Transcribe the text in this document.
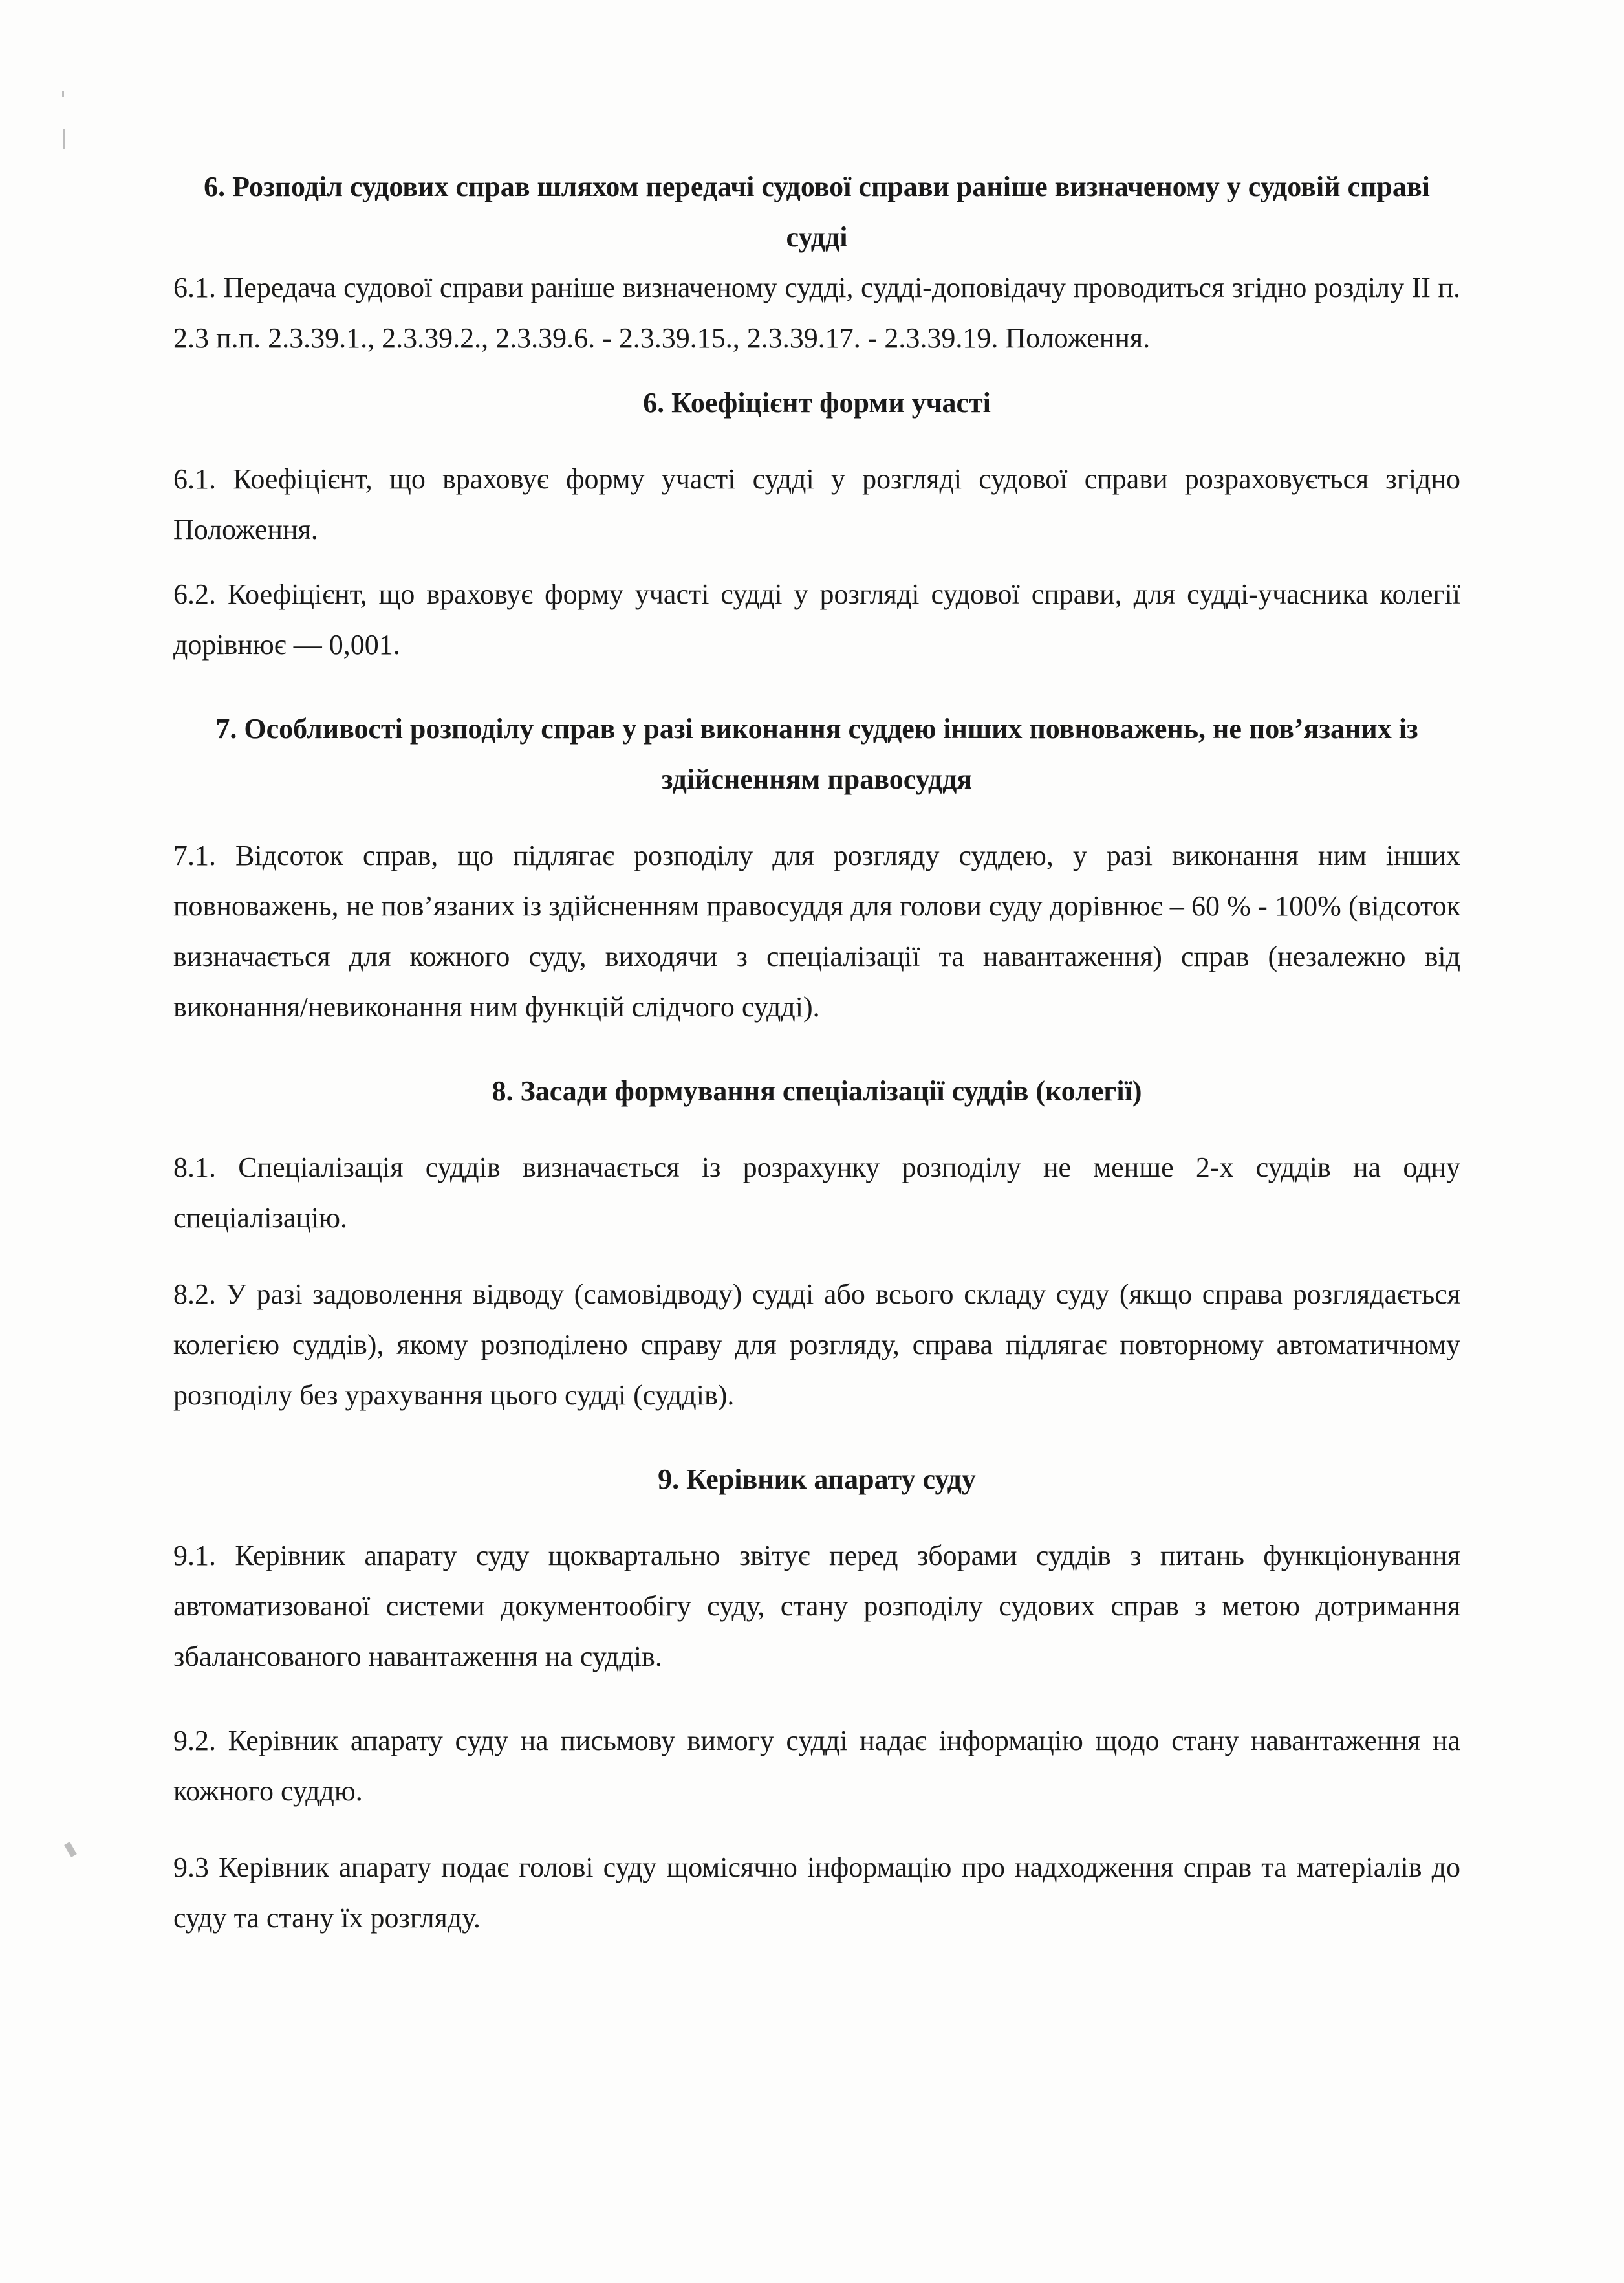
6. Розподіл судових справ шляхом передачі судової справи раніше визначеному у судовій справі судді

6.1. Передача судової справи раніше визначеному судді, судді-доповідачу проводиться згідно розділу ІІ п. 2.3 п.п. 2.3.39.1., 2.3.39.2., 2.3.39.6. - 2.3.39.15., 2.3.39.17. - 2.3.39.19. Положення.

6. Коефіцієнт форми участі

6.1. Коефіцієнт, що враховує форму участі судді у розгляді судової справи розраховується згідно Положення.

6.2. Коефіцієнт, що враховує форму участі судді у розгляді судової справи, для судді-учасника колегії дорівнює — 0,001.

7. Особливості розподілу справ у разі виконання суддею інших повноважень, не пов’язаних із здійсненням правосуддя

7.1. Відсоток справ, що підлягає розподілу для розгляду суддею, у разі виконання ним інших повноважень, не пов’язаних із здійсненням правосуддя для голови суду дорівнює – 60 % - 100% (відсоток визначається для кожного суду, виходячи з спеціалізації та навантаження) справ (незалежно від виконання/невиконання ним функцій слідчого судді).

8. Засади формування спеціалізації суддів (колегії)

8.1. Спеціалізація суддів визначається із розрахунку розподілу не менше 2-х суддів на одну спеціалізацію.

8.2. У разі задоволення відводу (самовідводу) судді або всього складу суду (якщо справа розглядається колегією суддів), якому розподілено справу для розгляду, справа підлягає повторному автоматичному розподілу без урахування цього судді (суддів).

9. Керівник апарату суду

9.1. Керівник апарату суду щоквартально звітує перед зборами суддів з питань функціонування автоматизованої системи документообігу суду, стану розподілу судових справ з метою дотримання збалансованого навантаження на суддів.

9.2. Керівник апарату суду на письмову вимогу судді надає інформацію щодо стану навантаження на кожного суддю.

9.3 Керівник апарату подає голові суду щомісячно інформацію про надходження справ та матеріалів до суду та стану їх розгляду.
